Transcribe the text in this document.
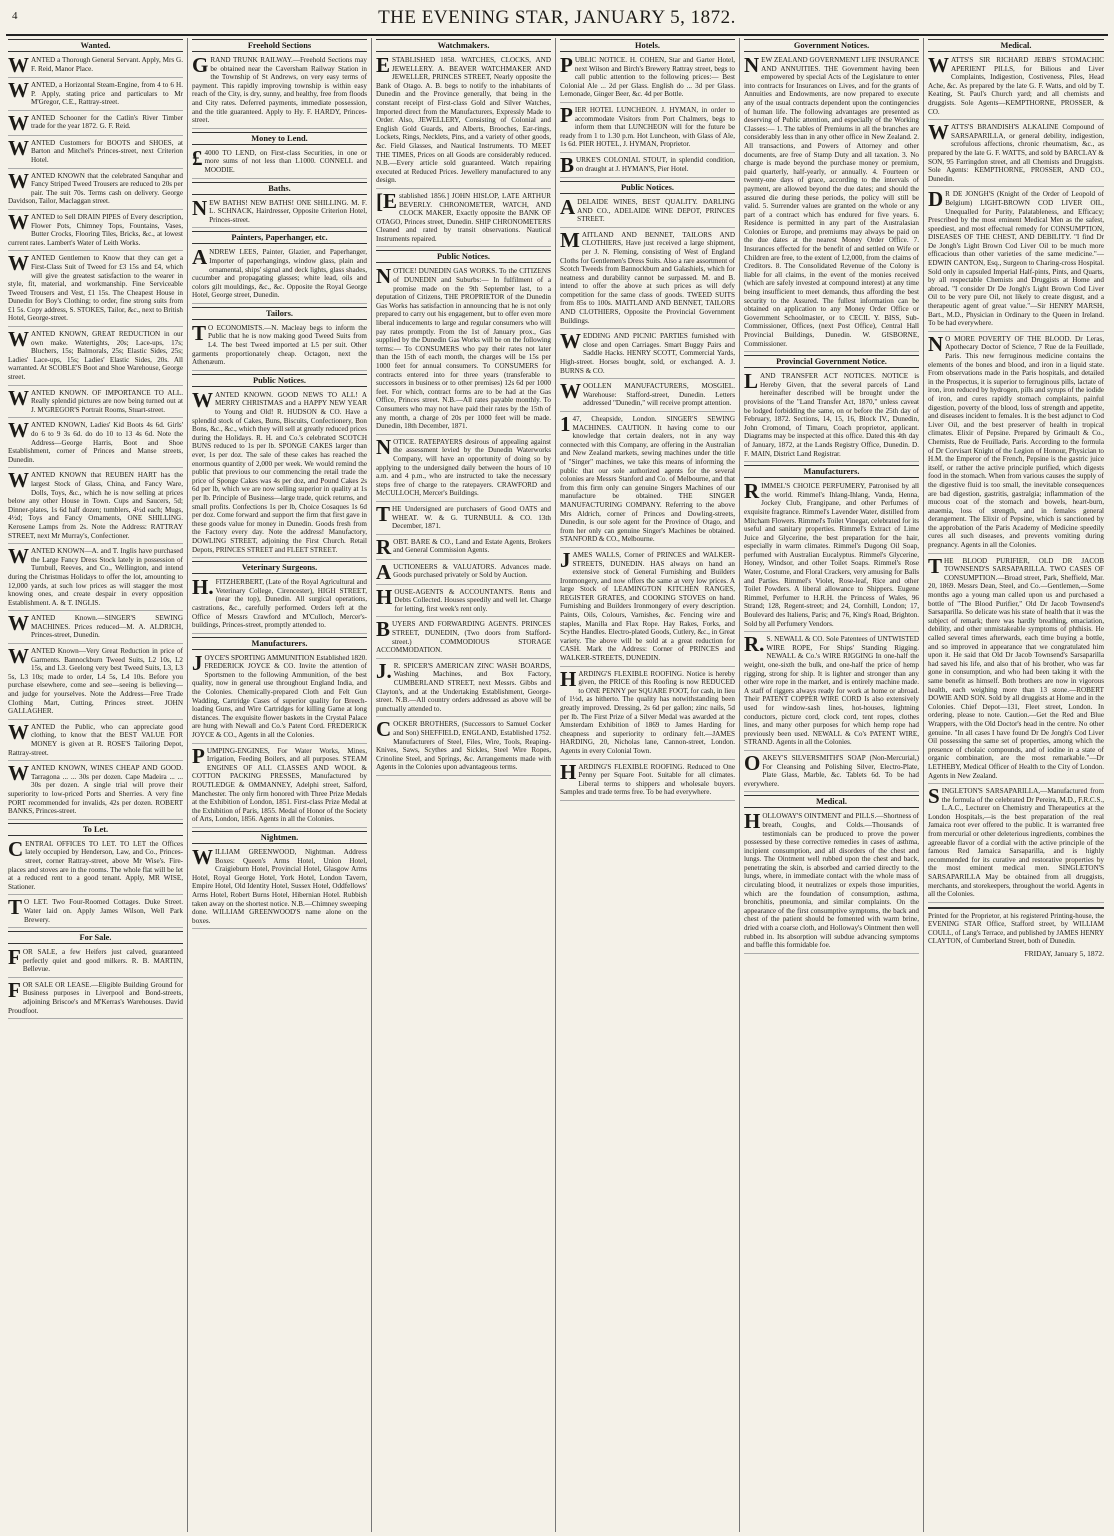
4	THE EVENING STAR, JANUARY 5, 1872.
Wanted.
WANTED a Thorough General Servant. Apply, Mrs G. F. Reid, Manor Place.
WANTED, a Horizontal Steam-Engine, from 4 to 6 H. P. Apply, stating price and particulars to Mr M'Gregor, C.E., Rattray-street.
WANTED Schooner for the Catlin's River Timber trade for the year 1872. G. F. Reid.
WANTED Customers for BOOTS and SHOES, at Barton and Mitchel's Princes-street, next Criterion Hotel.
WANTED KNOWN that the celebrated Sanquhar and Fancy Striped Tweed Trousers are reduced to 20s per pair. The suit 70s. Terms cash on delivery. George Davidson, Tailor, Maclaggan street.
WANTED to Sell DRAIN PIPES of Every description, Flower Pots, Chimney Tops, Fountains, Vases, Butter Crocks, Flooring Tiles, Bricks, &c., at lowest current rates. Lambert's Water of Leith Works.
WANTED Gentlemen to Know that they can get a First-Class Suit of Tweed for £3 15s and £4, which will give the greatest satisfaction to the wearer in style, fit, material, and workmanship. Fine Serviceable Tweed Trousers and Vest, £1 15s. The Cheapest House in Dunedin for Boy's Clothing; to order, fine strong suits from £1 5s. Copy address, S. STOKES, Tailor, &c., next to British Hotel, George-street.
WANTED KNOWN, GREAT REDUCTION in our own make. Watertights, 20s; Lace-ups, 17s; Bluchers, 15s; Balmorals, 25s; Elastic Sides, 25s; Ladies' Lace-ups, 15s; Ladies' Elastic Sides, 20s. All warranted. At SCOBLE'S Boot and Shoe Warehouse, George street.
WANTED KNOWN. OF IMPORTANCE TO ALL. Really splendid pictures are now being turned out at J. M'GREGOR'S Portrait Rooms, Stuart-street.
WANTED KNOWN, Ladies' Kid Boots 4s 6d. Girls' do 6 to 9 3s 6d. do do 10 to 13 4s 6d. Note the Address—George Harris, Boot and Shoe Establishment, corner of Princes and Manse streets, Dunedin.
WANTED KNOWN that REUBEN HART has the largest Stock of Glass, China, and Fancy Ware, Dolls, Toys, &c., which he is now selling at prices below any other House in Town. Cups and Saucers, 5d; Dinner-plates, 1s 6d half dozen; tumblers, 4½d each; Mugs, 4½d; Toys and Fancy Ornaments, ONE SHILLING. Kerosene Lamps from 2s. Note the Address: RATTRAY STREET, next Mr Murray's, Confectioner.
WANTED KNOWN—A. and T. Inglis have purchased the Large Fancy Dress Stock lately in possession of Turnbull, Reeves, and Co., Wellington, and intend during the Christmas Holidays to offer the lot, amounting to 12,000 yards, at such low prices as will stagger the most knowing ones, and create despair in every opposition Establishment. A. & T. INGLIS.
WANTED Known.—SINGER'S SEWING MACHINES. Prices reduced—M. A. ALDRICH, Princes-street, Dunedin.
WANTED Known—Very Great Reduction in price of Garments. Bannockburn Tweed Suits, L2 10s, L2 15s, and L3. Geelong very best Tweed Suits, L3, L3 5s, L3 10s; made to order, L4 5s, L4 10s. Before you purchase elsewhere, come and see—seeing is believing—and judge for yourselves. Note the Address—Free Trade Clothing Mart, Cutting, Princes street. JOHN GALLAGHER.
WANTED the Public, who can appreciate good clothing, to know that the BEST VALUE FOR MONEY is given at R. ROSE'S Tailoring Depot, Rattray-street.
WANTED KNOWN, WINES CHEAP AND GOOD. Tarragona ... ... 30s per dozen. Cape Madeira ... ... 30s per dozen. A single trial will prove their superiority to low-priced Ports and Sherries. A very fine PORT recommended for invalids, 42s per dozen. ROBERT BANKS, Princes-street.
To Let.
CENTRAL OFFICES TO LET. TO LET the Offices lately occupied by Henderson, Law, and Co., Princes-street, corner Rattray-street, above Mr Wise's. Fire-places and stoves are in the rooms. The whole flat will be let at a reduced rent to a good tenant. Apply, MR WISE, Stationer.
TO LET. Two Four-Roomed Cottages. Duke Street. Water laid on. Apply James Wilson, Well Park Brewery.
For Sale.
FOR SALE, a few Heifers just calved, guaranteed perfectly quiet and good milkers. R. B. MARTIN, Bellevue.
FOR SALE OR LEASE.—Eligible Building Ground for Business purposes in Liverpool and Bond-streets, adjoining Briscoe's and M'Kerras's Warehouses. David Proudfoot.
Freehold Sections
GRAND TRUNK RAILWAY.—Freehold Sections may be obtained near the Caversham Railway Station in the Township of St Andrews, on very easy terms of payment. This rapidly improving township is within easy reach of the City, is dry, sunny, and healthy, free from floods and City rates. Deferred payments, immediate possession, and the title guaranteed. Apply to Hy. F. HARDY, Princes-street.
Money to Lend.
£4000 TO LEND, on First-class Securities, in one or more sums of not less than L1000. CONNELL and MOODIE.
Baths.
NEW BATHS! NEW BATHS! ONE SHILLING. M. F. L. SCHNACK, Hairdresser, Opposite Criterion Hotel, Princes-street.
Painters, Paperhanger, etc.
ANDREW LEES, Painter, Glazier, and Paperhanger, Importer of paperhangings, window glass, plain and ornamental, ships' signal and deck lights, glass shades, cucumber and propagating glasses; white lead, oils and colors gilt mouldings, &c., &c. Opposite the Royal George Hotel, George street, Dunedin.
Tailors.
TO ECONOMISTS.—N. Macleay begs to inform the Public that he is now making good Tweed Suits from L4. The best Tweed imported at L5 per suit. Other garments proportionately cheap. Octagon, next the Athenæum.
Public Notices.
WANTED KNOWN. GOOD NEWS TO ALL! A MERRY CHRISTMAS and a HAPPY NEW YEAR to Young and Old! R. HUDSON & CO. Have a splendid stock of Cakes, Buns, Biscuits, Confectionery, Bon Bons, &c., &c., which they will sell at greatly reduced prices during the Holidays. R. H. and Co.'s celebrated SCOTCH BUNS reduced to 1s per lb. SPONGE CAKES larger than ever, 1s per doz. The sale of these cakes has reached the enormous quantity of 2,000 per week. We would remind the public that previous to our commencing the retail trade the price of Sponge Cakes was 4s per doz, and Pound Cakes 2s 6d per lb, which we are now selling superior in quality at 1s per lb. Principle of Business—large trade, quick returns, and small profits. Confections 1s per lb, Choice Cosaques 1s 6d per doz. Come forward and support the firm that first gave in these goods value for money in Dunedin. Goods fresh from the Factory every day. Note the address! Manufactory, DOWLING STREET, adjoining the First Church. Retail Depots, PRINCES STREET and FLEET STREET.
Veterinary Surgeons.
H.FITZHERBERT, (Late of the Royal Agricultural and Veterinary College, Cirencester), HIGH STREET, (near the top), Dunedin. All surgical operations, castrations, &c., carefully performed. Orders left at the Office of Messrs Crawford and M'Culloch, Mercer's-buildings, Princes-street, promptly attended to.
Manufacturers.
JOYCE'S SPORTING AMMUNITION Established 1820. FREDERICK JOYCE & CO. Invite the attention of Sportsmen to the following Ammunition, of the best quality, now in general use throughout England India, and the Colonies. Chemically-prepared Cloth and Felt Gun Wadding, Cartridge Cases of superior quality for Breech-loading Guns, and Wire Cartridges for killing Game at long distances. The exquisite flower baskets in the Crystal Palace are hung with Newall and Co.'s Patent Cord. FREDERICK JOYCE & CO., Agents in all the Colonies.
PUMPING-ENGINES, For Water Works, Mines, Irrigation, Feeding Boilers, and all purposes. STEAM ENGINES OF ALL CLASSES AND WOOL & COTTON PACKING PRESSES, Manufactured by ROUTLEDGE & OMMANNEY, Adelphi street, Salford, Manchester. The only firm honored with Three Prize Medals at the Exhibition of London, 1851. First-class Prize Medal at the Exhibition of Paris, 1855. Medal of Honor of the Society of Arts, London, 1856. Agents in all the Colonies.
Nightmen.
WILLIAM GREENWOOD, Nightman. Address Boxes: Queen's Arms Hotel, Union Hotel, Craigieburn Hotel, Provincial Hotel, Glasgow Arms Hotel, Royal George Hotel, York Hotel, London Tavern, Empire Hotel, Old Identity Hotel, Sussex Hotel, Oddfellows' Arms Hotel, Robert Burns Hotel, Hibernian Hotel. Rubbish taken away on the shortest notice. N.B.—Chimney sweeping done. WILLIAM GREENWOOD'S name alone on the boxes.
Watchmakers.
ESTABLISHED 1858. WATCHES, CLOCKS, AND JEWELLERY. A. BEAVER WATCHMAKER AND JEWELLER, PRINCES STREET, Nearly opposite the Bank of Otago. A. B. begs to notify to the inhabitants of Dunedin and the Province generally, that being in the constant receipt of First-class Gold and Silver Watches, Imported direct from the Manufacturers, Expressly Made to Order. Also, JEWELLERY, Consisting of Colonial and English Gold Guards, and Alberts, Brooches, Ear-rings, Lockets, Rings, Necklets, Pins, and a variety of other goods, &c. Field Glasses, and Nautical Instruments. TO MEET THE TIMES, Prices on all Goods are considerably reduced. N.B.—Every article sold guaranteed. Watch repairing executed at Reduced Prices. Jewellery manufactured to any design.
[Established 1856.] JOHN HISLOP, LATE ARTHUR BEVERLY. CHRONOMETER, WATCH, AND CLOCK MAKER, Exactly opposite the BANK OF OTAGO, Princes street, Dunedin. SHIP CHRONOMETERS Cleaned and rated by transit observations. Nautical Instruments repaired.
Public Notices.
NOTICE! DUNEDIN GAS WORKS. To the CITIZENS of DUNEDIN and Suburbs:— In fulfilment of a promise made on the 9th September last, to a deputation of Citizens, THE PROPRIETOR of the Dunedin Gas Works has satisfaction in announcing that he is not only prepared to carry out his engagement, but to offer even more liberal inducements to large and regular consumers who will pay rates promptly. From the 1st of January prox., Gas supplied by the Dunedin Gas Works will be on the following terms:— To CONSUMERS who pay their rates not later than the 15th of each month, the charges will be 15s per 1000 feet for annual consumers. To CONSUMERS for contracts entered into for three years (transferable to successors in business or to other premises) 12s 6d per 1000 feet. For which, contract forms are to be had at the Gas Office, Princes street. N.B.—All rates payable monthly. To Consumers who may not have paid their rates by the 15th of any month, a charge of 20s per 1000 feet will be made. Dunedin, 18th December, 1871.
NOTICE. RATEPAYERS desirous of appealing against the assessment levied by the Dunedin Waterworks Company, will have an opportunity of doing so by applying to the undersigned daily between the hours of 10 a.m. and 4 p.m., who are instructed to take the necessary steps free of charge to the ratepayers. CRAWFORD and McCULLOCH, Mercer's Buildings.
THE Undersigned are purchasers of Good OATS and WHEAT. W. & G. TURNBULL & CO. 13th December, 1871.
ROBT. BARE & CO., Land and Estate Agents, Brokers and General Commission Agents.
AUCTIONEERS & VALUATORS. Advances made. Goods purchased privately or Sold by Auction.
HOUSE-AGENTS & ACCOUNTANTS. Rents and Debts Collected. Houses speedily and well let. Charge for letting, first week's rent only.
BUYERS AND FORWARDING AGENTS. PRINCES STREET, DUNEDIN, (Two doors from Stafford-street.) COMMODIOUS STORAGE ACCOMMODATION.
J.R. SPICER'S AMERICAN ZINC WASH BOARDS, Washing Machines, and Box Factory, CUMBERLAND STREET, next Messrs. Gibbs and Clayton's, and at the Undertaking Establishment, George-street. N.B.—All country orders addressed as above will be punctually attended to.
COCKER BROTHERS, (Successors to Samuel Cocker and Son) SHEFFIELD, ENGLAND, Established 1752. Manufacturers of Steel, Files, Wire, Tools, Reaping-Knives, Saws, Scythes and Sickles, Steel Wire Ropes, Crinoline Steel, and Springs, &c. Arrangements made with Agents in the Colonies upon advantageous terms.
Hotels.
PUBLIC NOTICE. H. COHEN, Star and Garter Hotel, next Wilson and Birch's Brewery Rattray street, begs to call public attention to the following prices:— Best Colonial Ale ... 2d per Glass. English do ... 3d per Glass. Lemonade, Ginger Beer, &c. 4d per Bottle.
PIER HOTEL LUNCHEON. J. HYMAN, in order to accommodate Visitors from Port Chalmers, begs to inform them that LUNCHEON will for the future be ready from 1 to 1.30 p.m. Hot Luncheon, with Glass of Ale, 1s 6d. PIER HOTEL, J. HYMAN, Proprietor.
BURKE'S COLONIAL STOUT, in splendid condition, on draught at J. HYMAN'S, Pier Hotel.
Public Notices.
ADELAIDE WINES, BEST QUALITY. DARLING AND CO., ADELAIDE WINE DEPOT, PRINCES STREET.
MAITLAND AND BENNET, TAILORS AND CLOTHIERS, Have just received a large shipment, per J. N. Fleming, consisting of West of England Cloths for Gentlemen's Dress Suits. Also a rare assortment of Scotch Tweeds from Bannockburn and Galashiels, which for neatness and durability cannot be surpassed. M. and B. intend to offer the above at such prices as will defy competition for the same class of goods. TWEED SUITS from 85s to 100s. MAITLAND AND BENNET, TAILORS AND CLOTHIERS, Opposite the Provincial Government Buildings.
WEDDING AND PICNIC PARTIES furnished with close and open Carriages. Smart Buggy Pairs and Saddle Hacks. HENRY SCOTT, Commercial Yards, High-street. Horses bought, sold, or exchanged. A. J. BURNS & CO.
WOOLLEN MANUFACTURERS, MOSGIEL. Warehouse: Stafford-street, Dunedin. Letters addressed "Dunedin," will receive prompt attention.
147, Cheapside, London. SINGER'S SEWING MACHINES. CAUTION. It having come to our knowledge that certain dealers, not in any way connected with this Company, are offering in the Australian and New Zealand markets, sewing machines under the title of "Singer" machines, we take this means of informing the public that our sole authorized agents for the several colonies are Messrs Stanford and Co. of Melbourne, and that from this firm only can genuine Singers Machines of our manufacture be obtained. THE SINGER MANUFACTURING COMPANY. Referring to the above Mrs Aldrich, corner of Princes and Dowling-streets, Dunedin, is our sole agent for the Province of Otago, and from her only can genuine Singer's Machines be obtained. STANFORD & CO., Melbourne.
JAMES WALLS, Corner of PRINCES and WALKER-STREETS, DUNEDIN. HAS always on hand an extensive stock of General Furnishing and Builders Ironmongery, and now offers the same at very low prices. A large Stock of LEAMINGTON KITCHEN RANGES, REGISTER GRATES, and COOKING STOVES on hand. Furnishing and Builders Ironmongery of every description. Paints, Oils, Colours, Varnishes, &c. Fencing wire and staples, Manilla and Flax Rope. Hay Rakes, Forks, and Scythe Handles. Electro-plated Goods, Cutlery, &c., in Great variety. The above will be sold at a great reduction for CASH. Mark the Address: Corner of PRINCES and WALKER-STREETS, DUNEDIN.
HARDING'S FLEXIBLE ROOFING. Notice is hereby given, the PRICE of this Roofing is now REDUCED to ONE PENNY per SQUARE FOOT, for cash, in lieu of 1½d, as hitherto. The quality has notwithstanding been greatly improved. Dressing, 2s 6d per gallon; zinc nails, 5d per lb. The First Prize of a Silver Medal was awarded at the Amsterdam Exhibition of 1869 to James Harding for cheapness and superiority to ordinary felt.—JAMES HARDING, 20, Nicholas lane, Cannon-street, London. Agents in every Colonial Town.
HARDING'S FLEXIBLE ROOFING. Reduced to One Penny per Square Foot. Suitable for all climates. Liberal terms to shippers and wholesale buyers. Samples and trade terms free. To be had everywhere.
Government Notices.
NEW ZEALAND GOVERNMENT LIFE INSURANCE AND ANNUITIES. THE Government having been empowered by special Acts of the Legislature to enter into contracts for Insurances on Lives, and for the grants of Annuities and Endowments, are now prepared to execute any of the usual contracts dependent upon the contingencies of human life. The following advantages are presented as deserving of Public attention, and especially of the Working Classes:— 1. The tables of Premiums in all the branches are considerably less than in any other office in New Zealand. 2. All transactions, and Powers of Attorney and other documents, are free of Stamp Duty and all taxation. 3. No charge is made beyond the purchase money or premium, paid quarterly, half-yearly, or annually. 4. Fourteen or twenty-one days of grace, according to the intervals of payment, are allowed beyond the due dates; and should the assured die during these periods, the policy will still be valid. 5. Surrender values are granted on the whole or any part of a contract which has endured for five years. 6. Residence is permitted in any part of the Australasian Colonies or Europe, and premiums may always be paid on the due dates at the nearest Money Order Office. 7. Insurances effected for the benefit of and settled on Wife or Children are free, to the extent of L2,000, from the claims of Creditors. 8. The Consolidated Revenue of the Colony is liable for all claims, in the event of the monies received (which are safely invested at compound interest) at any time being insufficient to meet demands, thus affording the best security to the Assured. The fullest information can be obtained on application to any Money Order Office or Government Schoolmaster, or to CECIL Y. BISS, Sub-Commissioner, Offices, (next Post Office), Central Hall Provincial Buildings, Dunedin. W. GISBORNE, Commissioner.
Provincial Government Notice.
LAND TRANSFER ACT NOTICES. NOTICE is Hereby Given, that the several parcels of Land hereinafter described will be brought under the provisions of the "Land Transfer Act, 1870," unless caveat be lodged forbidding the same, on or before the 25th day of February, 1872. Sections, 14, 15, 16, Block IV., Dunedin, John Cromond, of Timaru, Coach proprietor, applicant. Diagrams may be inspected at this office. Dated this 4th day of January, 1872, at the Lands Registry Office, Dunedin. D. F. MAIN, District Land Registrar.
Manufacturers.
RIMMEL'S CHOICE PERFUMERY, Patronised by all the world. Rimmel's Ihlang-Ihlang, Vanda, Henna, Jockey Club, Frangipane, and other Perfumes of exquisite fragrance. Rimmel's Lavender Water, distilled from Mitcham Flowers. Rimmel's Toilet Vinegar, celebrated for its useful and sanitary properties. Rimmel's Extract of Lime Juice and Glycerine, the best preparation for the hair, especially in warm climates. Rimmel's Dugong Oil Soap, perfumed with Australian Eucalyptus. Rimmel's Glycerine, Honey, Windsor, and other Toilet Soaps. Rimmel's Rose Water, Costume, and Floral Crackers, very amusing for Balls and Parties. Rimmel's Violet, Rose-leaf, Rice and other Toilet Powders. A liberal allowance to Shippers. Eugene Rimmel, Perfumer to H.R.H. the Princess of Wales, 96 Strand; 128, Regent-street; and 24, Cornhill, London; 17, Boulevard des Italiens, Paris; and 76, King's Road, Brighton. Sold by all Perfumery Vendors.
R.S. NEWALL & CO. Sole Patentees of UNTWISTED WIRE ROPE, For Ships' Standing Rigging. NEWALL & Co.'s WIRE RIGGING In one-half the weight, one-sixth the bulk, and one-half the price of hemp rigging, strong for ship. It is lighter and stronger than any other wire rope in the market, and is entirely machine made. A staff of riggers always ready for work at home or abroad. Their PATENT COPPER WIRE CORD Is also extensively used for window-sash lines, hot-houses, lightning conductors, picture cord, clock cord, tent ropes, clothes lines, and many other purposes for which hemp rope had previously been used. NEWALL & Co's PATENT WIRE, STRAND. Agents in all the Colonies.
OAKEY'S SILVERSMITH'S SOAP (Non-Mercurial,) For Cleansing and Polishing Silver, Electro-Plate, Plate Glass, Marble, &c. Tablets 6d. To be had everywhere.
Medical.
HOLLOWAY'S OINTMENT and PILLS.—Shortness of breath, Coughs, and Colds.—Thousands of testimonials can be produced to prove the power possessed by these corrective remedies in cases of asthma, incipient consumption, and all disorders of the chest and lungs. The Ointment well rubbed upon the chest and back, penetrating the skin, is absorbed and carried directly to the lungs, where, in immediate contact with the whole mass of circulating blood, it neutralizes or expels those impurities, which are the foundation of consumption, asthma, bronchitis, pneumonia, and similar complaints. On the appearance of the first consumptive symptoms, the back and chest of the patient should be fomented with warm brine, dried with a coarse cloth, and Holloway's Ointment then well rubbed in. Its absorption will subdue advancing symptoms and baffle this formidable foe.
Medical.
WATTS'S SIR RICHARD JEBB'S STOMACHIC APERIENT PILLS, for Bilious and Liver Complaints, Indigestion, Costiveness, Piles, Head Ache, &c. As prepared by the late G. F. Watts, and old by T. Keating, St. Paul's Church yard; and all chemists and druggists. Sole Agents—KEMPTHORNE, PROSSER, & CO.
WATTS'S BRANDISH'S ALKALINE Compound of SARSAPARILLA, or general debility, indigestion, scrofulous affections, chronic rheumatism, &c., as prepared by the late G. F. WATTS, and sold by BARCLAY & SON, 95 Farringdon street, and all Chemists and Druggists. Sole Agents: KEMPTHORNE, PROSSER, AND CO., Dunedin.
DR DE JONGH'S (Knight of the Order of Leopold of Belgium) LIGHT-BROWN COD LIVER OIL, Unequalled for Purity, Palatableness, and Efficacy; Prescribed by the most eminent Medical Men as the safest, speediest, and most effectual remedy for CONSUMPTION, DISEASES OF THE CHEST, AND DEBILITY. "I find Dr De Jongh's Light Brown Cod Liver Oil to be much more efficacious than other varieties of the same medicine."—EDWIN CANTON, Esq., Surgeon to Charing-cross Hospital. Sold only in capsuled Imperial Half-pints, Pints, and Quarts, by all respectable Chemists and Druggists at Home and abroad. "I consider Dr De Jongh's Light Brown Cod Liver Oil to be very pure Oil, not likely to create disgust, and a therapeutic agent of great value."—Sir HENRY MARSH, Bart., M.D., Physician in Ordinary to the Queen in Ireland. To be had everywhere.
NO MORE POVERTY OF THE BLOOD. Dr Leras, Apothecary Doctor of Science, 7 Rue de la Feuillade, Paris. This new ferruginous medicine contains the elements of the bones and blood, and iron in a liquid state. From observations made in the Paris hospitals, and detailed in the Prospectus, it is superior to ferruginous pills, lactate of iron, iron reduced by hydrogen, pills and syrups of the iodide of iron, and cures rapidly stomach complaints, painful digestion, poverty of the blood, loss of strength and appetite, and diseases incident to females. It is the best adjunct to Cod Liver Oil, and the best preserver of health in tropical climates. Elixir of Pepsine. Prepared by Grimault & Co., Chemists, Rue de Feuillade, Paris. According to the formula of Dr Corvisart Knight of the Legion of Honour, Physician to H.M. the Emperor of the French, Pepsine is the gastric juice itself, or rather the active principle purified, which digests food in the stomach. When from various causes the supply of the digestive fluid is too small, the inevitable consequences are bad digestion, gastritis, gastralgia; inflammation of the mucous coat of the stomach and bowels, heart-burn, anaemia, loss of strength, and in females general derangement. The Elixir of Pepsine, which is sanctioned by the approbation of the Paris Academy of Medicine speedily cures all such diseases, and prevents vomiting during pregnancy. Agents in all the Colonies.
THE BLOOD PURIFIER, OLD DR JACOB TOWNSEND'S SARSAPARILLA. TWO CASES OF CONSUMPTION.—Broad street, Park, Sheffield, Mar. 20, 1869. Messrs Dean, Steel, and Co.—Gentlemen,—Some months ago a young man called upon us and purchased a bottle of "The Blood Purifier," Old Dr Jacob Townsend's Sarsaparilla. So delicate was his state of health that it was the subject of remark; there was hardly breathing, emaciation, debility, and other unmistakeable symptoms of phthisis. He called several times afterwards, each time buying a bottle, and so improved in appearance that we congratulated him upon it. He said that Old Dr Jacob Townsend's Sarsaparilla had saved his life, and also that of his brother, who was far gone in consumption, and who had been taking it with the same benefit as himself. Both brothers are now in vigorous health, each weighing more than 13 stone.—ROBERT DOWIE AND SON. Sold by all druggists at Home and in the Colonies. Chief Depot—131, Fleet street, London. In ordering, please to note. Caution.—Get the Red and Blue Wrappers, with the Old Doctor's head in the centre. No other genuine. "In all cases I have found Dr De Jongh's Cod Liver Oil possessing the same set of properties, among which the presence of cholaic compounds, and of iodine in a state of organic combination, are the most remarkable."—Dr LETHEBY, Medical Officer of Health to the City of London. Agents in New Zealand.
SINGLETON'S SARSAPARILLA,—Manufactured from the formula of the celebrated Dr Pereira, M.D., F.R.C.S., L.A.C., Lecturer on Chemistry and Therapeutics at the London Hospitals,—is the best preparation of the real Jamaica root ever offered to the public. It is warranted free from mercurial or other deleterious ingredients, combines the agreeable flavor of a cordial with the active principle of the famous Red Jamaica Sarsaparilla, and is highly recommended for its curative and restorative properties by the most eminent medical men. SINGLETON'S SARSAPARILLA May be obtained from all druggists, merchants, and storekeepers, throughout the world. Agents in all the Colonies.
Printed for the Proprietor, at his registered Printing-house, the EVENING STAR Office, Stafford street, by WILLIAM COULL, of Lang's Terrace, and published by JAMES HENRY CLAYTON, of Cumberland Street, both of Dunedin.
FRIDAY, January 5, 1872.
